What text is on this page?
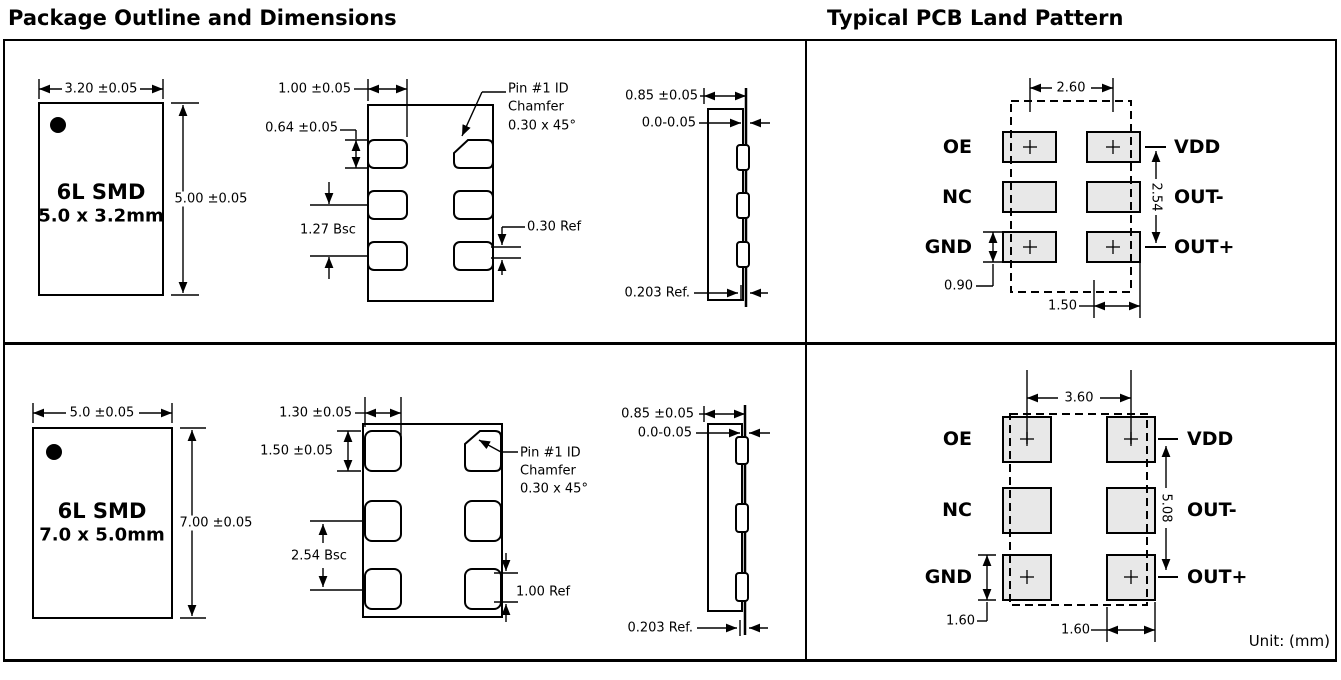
Package Outline and Dimensions	Typical PCB Land Pattern
3.20 ±0.05
5.00 ±0.05
6L SMD
5.0 x 3.2mm
1.00 ±0.05
0.64 ±0.05
1.27 Bsc
Pin #1 ID
Chamfer
0.30 x 45°
0.30 Ref
0.85 ±0.05
0.0-0.05
0.203 Ref.
2.60
OE
NC
GND
VDD
OUT-
OUT+
2.54
0.90
1.50
5.0 ±0.05
7.00 ±0.05
6L SMD
7.0 x 5.0mm
1.30 ±0.05
1.50 ±0.05
2.54 Bsc
Pin #1 ID
Chamfer
0.30 x 45°
1.00 Ref
0.85 ±0.05
0.0-0.05
0.203 Ref.
3.60
OE
NC
GND
VDD
OUT-
OUT+
5.08
1.60
1.60
Unit: (mm)
